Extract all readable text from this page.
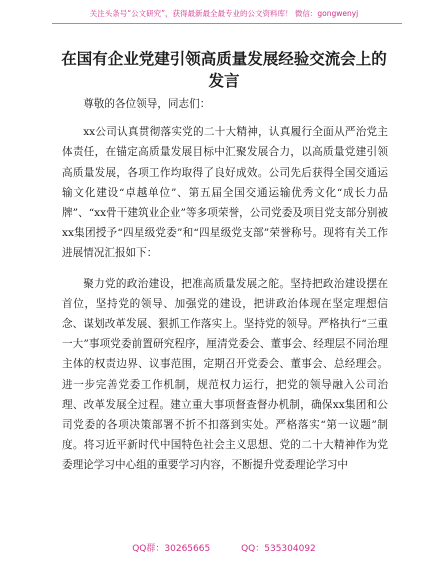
关注头条号“公文研究”，获得最新最全最专业的公文资料库！ 微信：gongwenyj
在国有企业党建引领高质量发展经验交流会上的发言

尊敬的各位领导，同志们：

xx公司认真贯彻落实党的二十大精神，认真履行全面从严治党主体责任，在锚定高质量发展目标中汇聚发展合力，以高质量党建引领高质量发展，各项工作均取得了良好成效。公司先后获得全国交通运输文化建设“卓越单位”、第五届全国交通运输优秀文化“成长力品牌”、“xx骨干建筑业企业”等多项荣誉，公司党委及项目党支部分别被xx集团授予“四星级党委”和“四星级党支部”荣誉称号。现将有关工作进展情况汇报如下：

聚力党的政治建设，把准高质量发展之舵。坚持把政治建设摆在首位，坚持党的领导、加强党的建设，把讲政治体现在坚定理想信念、谋划改革发展、狠抓工作落实上。坚持党的领导。严格执行“三重一大”事项党委前置研究程序，厘清党委会、董事会、经理层不同治理主体的权责边界、议事范围，定期召开党委会、董事会、总经理会。进一步完善党委工作机制，规范权力运行，把党的领导融入公司治理、改革发展全过程。建立重大事项督查督办机制，确保xx集团和公司党委的各项决策部署不折不扣落到实处。严格落实“第一议题”制度。将习近平新时代中国特色社会主义思想、党的二十大精神作为党委理论学习中心组的重要学习内容，不断提升党委理论学习中

QQ群：30265665	QQ：535304092
